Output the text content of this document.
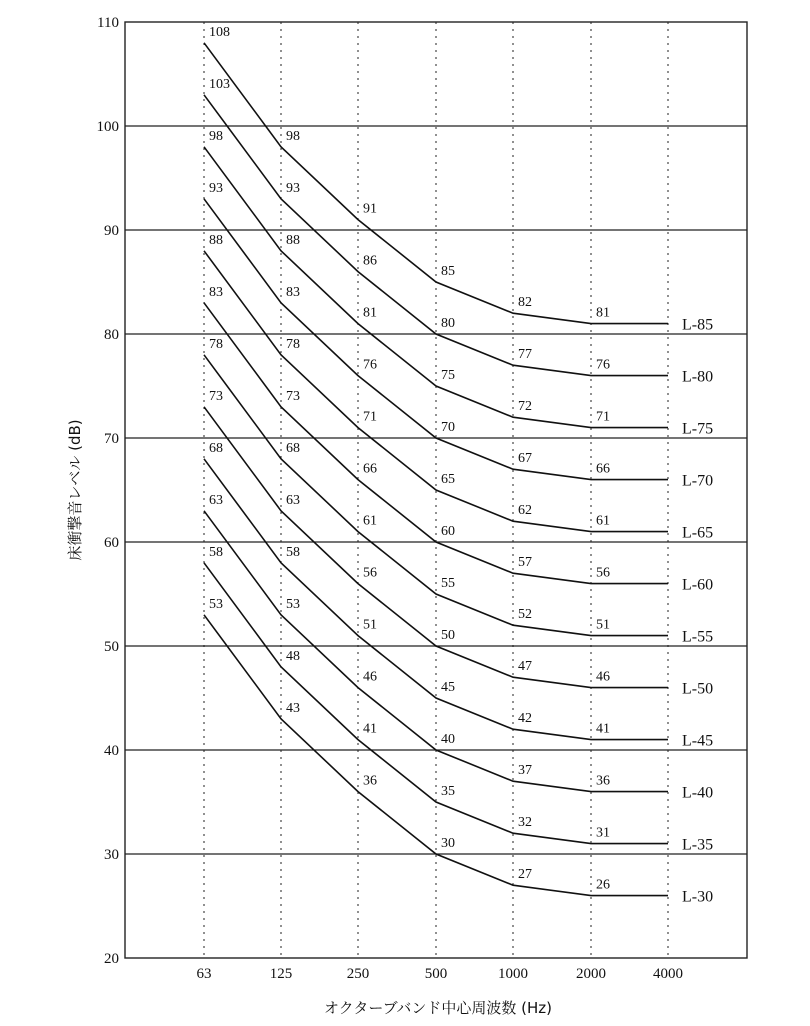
20
30
40
50
60
70
80
90
100
110
63	125	250	500	1000	2000	4000
108
98
91
85
82
81
103
93
86
80
77
76
98
88
81
75
72
71
93
83
76
70
67
66
88
78
71
65
62
61
83
73
66
60
57
56
78
68
61
55
52
51
73
63
56
50
47
46
68
58
51
45
42
41
63
53
46
40
37
36
58
48
41
35
32
31
53
43
36
30
27
26
L-85
L-80
L-75
L-70
L-65
L-60
L-55
L-50
L-45
L-40
L-35
L-30
オクターブバンド中心周波数 (Hz)
床衝撃音レベル (dB)
